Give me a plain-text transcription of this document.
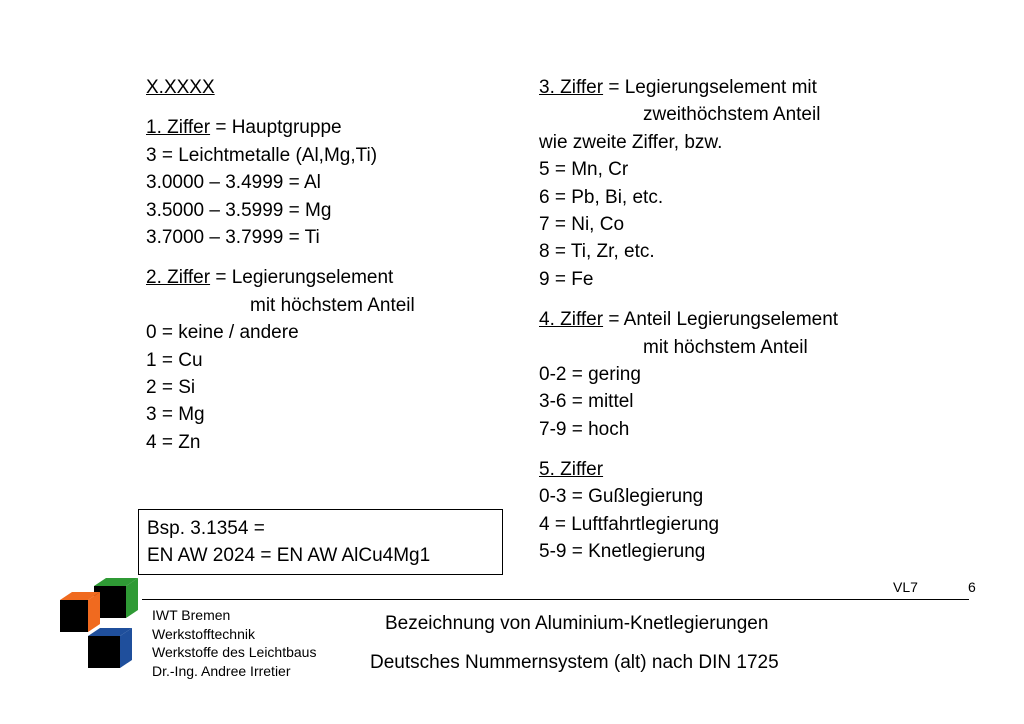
X.XXXX
1. Ziffer = Hauptgruppe
3 = Leichtmetalle (Al,Mg,Ti)
3.0000 – 3.4999 = Al
3.5000 – 3.5999 = Mg
3.7000 – 3.7999 = Ti
2. Ziffer = Legierungselement
mit höchstem Anteil
0 = keine / andere
1 = Cu
2 = Si
3 = Mg
4 = Zn
3. Ziffer = Legierungselement mit
zweithöchstem Anteil
wie zweite Ziffer, bzw.
5 = Mn, Cr
6 = Pb, Bi, etc.
7 = Ni, Co
8 = Ti, Zr, etc.
9 = Fe
4. Ziffer = Anteil Legierungselement
mit höchstem Anteil
0-2 = gering
3-6 = mittel
7-9 = hoch
5. Ziffer
0-3 = Gußlegierung
4 = Luftfahrtlegierung
5-9 = Knetlegierung
Bsp. 3.1354 =
EN AW 2024 = EN AW AlCu4Mg1
VL7	6
IWT Bremen
Werkstofftechnik
Werkstoffe des Leichtbaus
Dr.-Ing. Andree Irretier
Bezeichnung von Aluminium-Knetlegierungen
Deutsches Nummernsystem (alt) nach DIN 1725
